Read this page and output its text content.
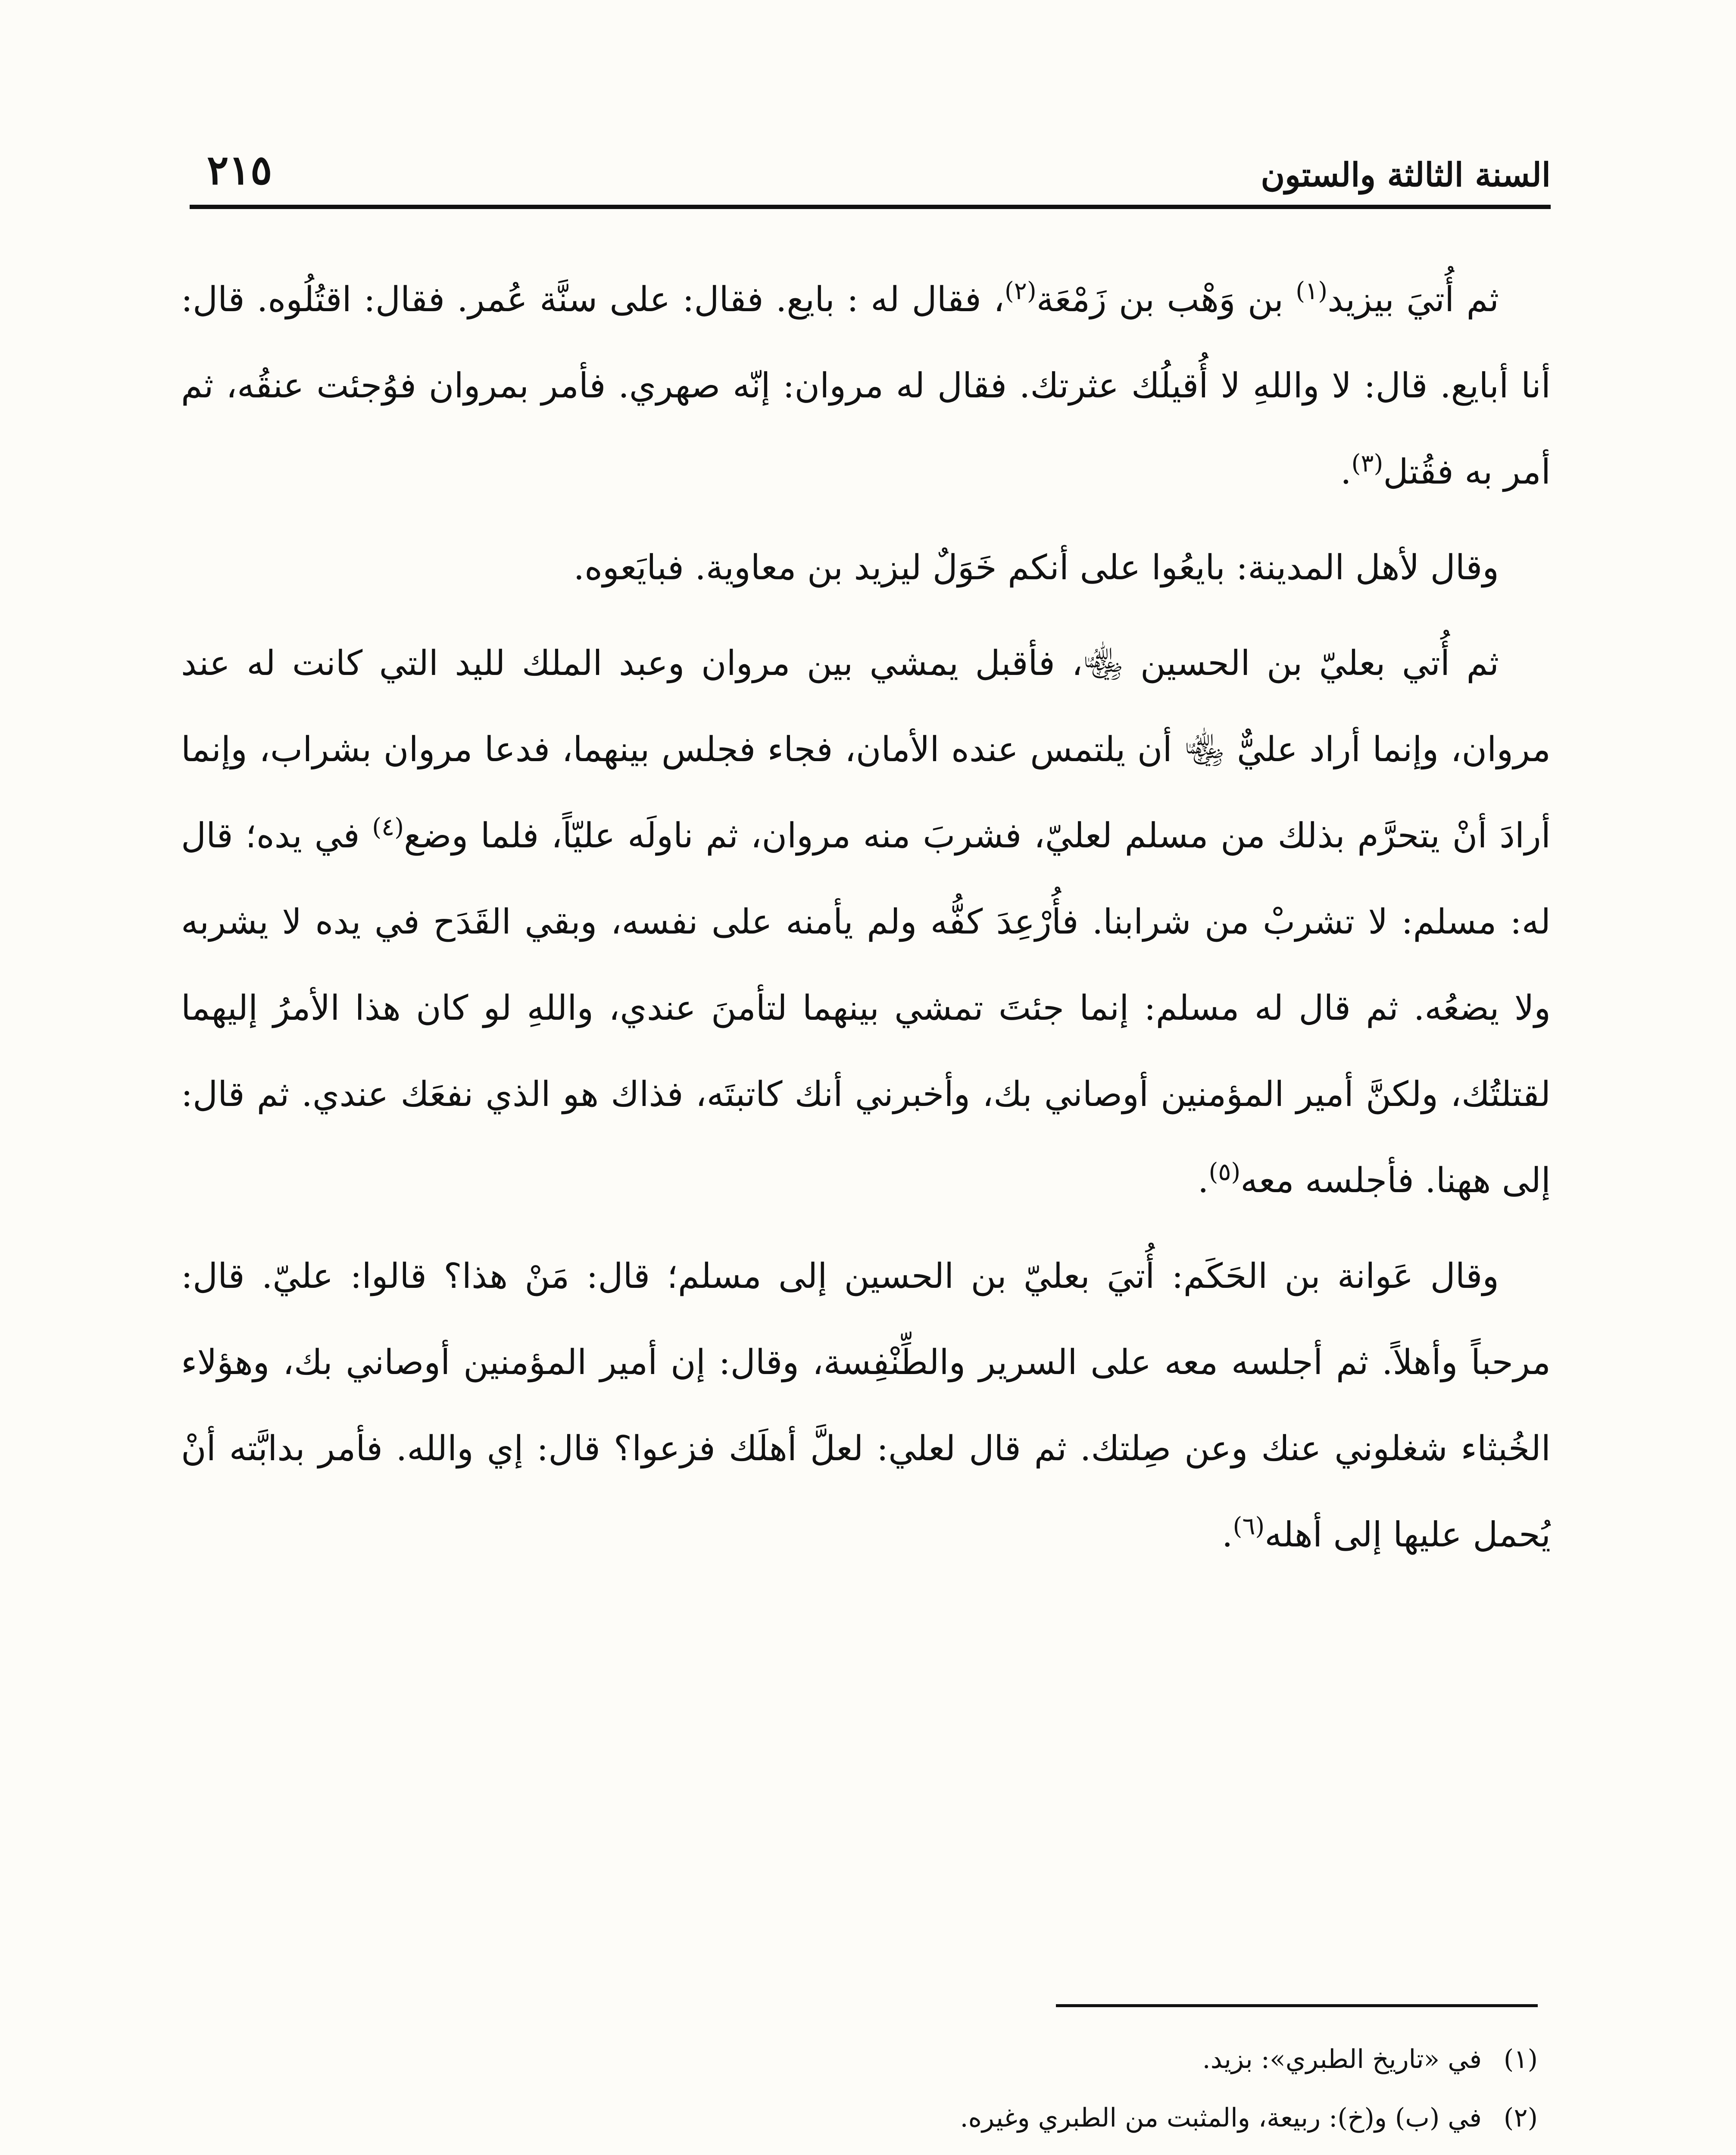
السنة الثالثة والستون
٢١٥

ثم أُتيَ بيزيد$^{(١)}$ بن وَهْب بن زَمْعَة$^{(٢)}$، فقال له : بايع. فقال: على سنَّة عُمر. فقال: اقتُلُوه. قال: أنا أبايع. قال: لا واللهِ لا أُقيلُك عثرتك. فقال له مروان: إنّه صهري. فأمر بمروان فوُجئت عنقُه، ثم أمر به فقُتل$^{(٣)}$.

وقال لأهل المدينة: بايعُوا على أنكم خَوَلٌ ليزيد بن معاوية. فبايَعوه.

ثم أُتي بعليّ بن الحسين ﵄، فأقبل يمشي بين مروان وعبد الملك لليد التي كانت له عند مروان، وإنما أراد عليٌّ ﵄ أن يلتمس عنده الأمان، فجاء فجلس بينهما، فدعا مروان بشراب، وإنما أرادَ أنْ يتحرَّم بذلك من مسلم لعليّ، فشربَ منه مروان، ثم ناولَه عليّاً، فلما وضع$^{(٤)}$ في يده؛ قال له: مسلم: لا تشربْ من شرابنا. فأُرْعِدَ كفُّه ولم يأمنه على نفسه، وبقي القَدَح في يده لا يشربه ولا يضعُه. ثم قال له مسلم: إنما جئتَ تمشي بينهما لتأمنَ عندي، واللهِ لو كان هذا الأمرُ إليهما لقتلتُك، ولكنَّ أمير المؤمنين أوصاني بك، وأخبرني أنك كاتبتَه، فذاك هو الذي نفعَك عندي. ثم قال: إلى ههنا. فأجلسه معه$^{(٥)}$.

وقال عَوانة بن الحَكَم: أُتيَ بعليّ بن الحسين إلى مسلم؛ قال: مَنْ هذا؟ قالوا: عليّ. قال: مرحباً وأهلاً. ثم أجلسه معه على السرير والطِّنْفِسة، وقال: إن أمير المؤمنين أوصاني بك، وهؤلاء الخُبثاء شغلوني عنك وعن صِلتك. ثم قال لعلي: لعلَّ أهلَك فزعوا؟ قال: إي والله. فأمر بدابَّته أنْ يُحمل عليها إلى أهله$^{(٦)}$.

(١)في «تاريخ الطبري»: بزيد.

(٢)في (ب) و(خ): ربيعة، والمثبت من الطبري وغيره.
